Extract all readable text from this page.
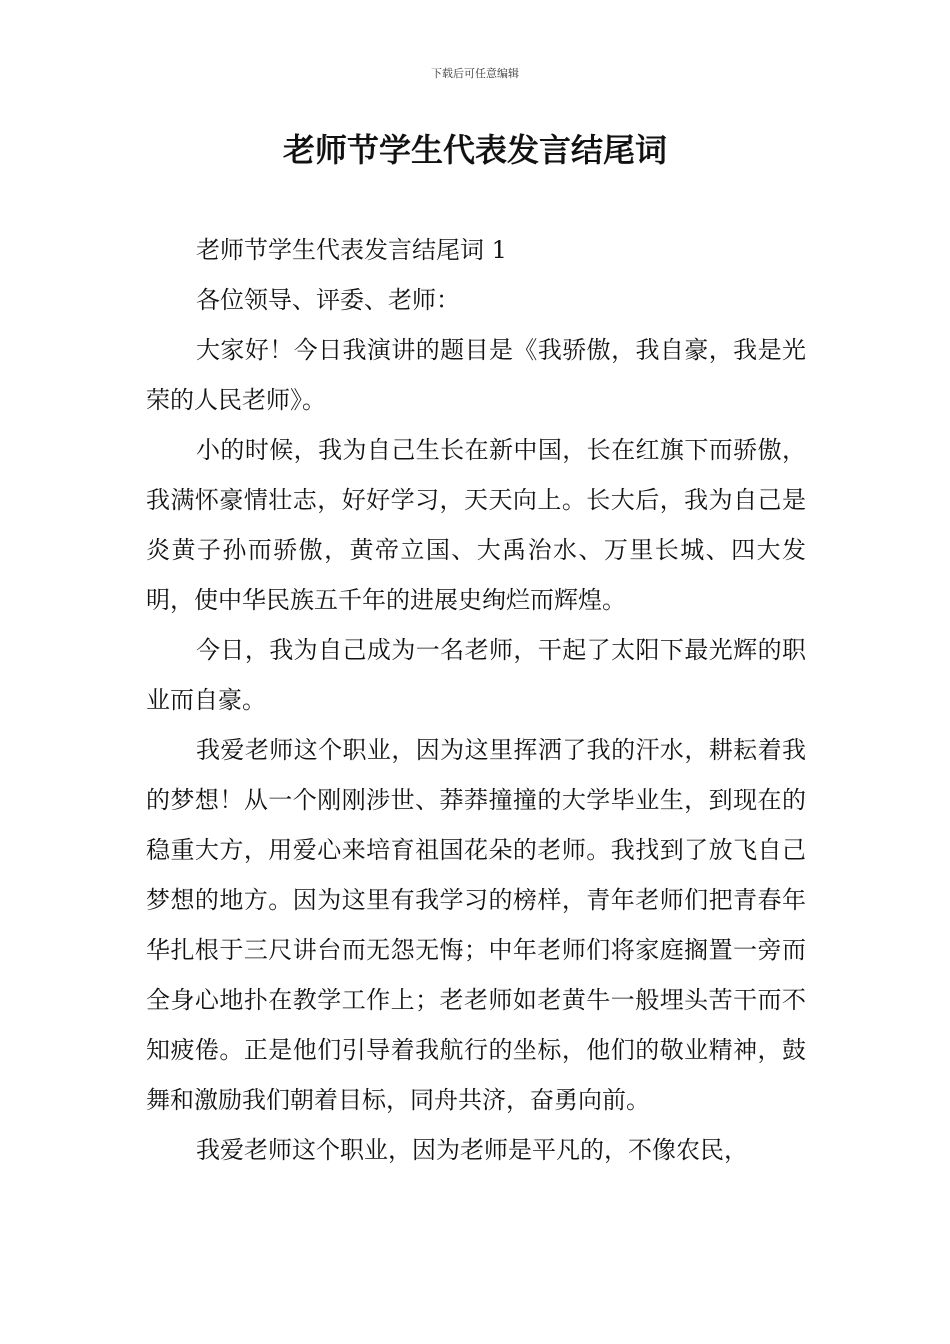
下载后可任意编辑
老师节学生代表发言结尾词

老师节学生代表发言结尾词 1

各位领导、评委、老师：

大家好！今日我演讲的题目是《我骄傲，我自豪，我是光荣的人民老师》。

小的时候，我为自己生长在新中国，长在红旗下而骄傲，我满怀豪情壮志，好好学习，天天向上。长大后，我为自己是炎黄子孙而骄傲，黄帝立国、大禹治水、万里长城、四大发明，使中华民族五千年的进展史绚烂而辉煌。

今日，我为自己成为一名老师，干起了太阳下最光辉的职业而自豪。

我爱老师这个职业，因为这里挥洒了我的汗水，耕耘着我的梦想！从一个刚刚涉世、莽莽撞撞的大学毕业生，到现在的稳重大方，用爱心来培育祖国花朵的老师。我找到了放飞自己梦想的地方。因为这里有我学习的榜样，青年老师们把青春年华扎根于三尺讲台而无怨无悔；中年老师们将家庭搁置一旁而全身心地扑在教学工作上；老老师如老黄牛一般埋头苦干而不知疲倦。正是他们引导着我航行的坐标，他们的敬业精神，鼓舞和激励我们朝着目标，同舟共济，奋勇向前。

我爱老师这个职业，因为老师是平凡的，不像农民，
